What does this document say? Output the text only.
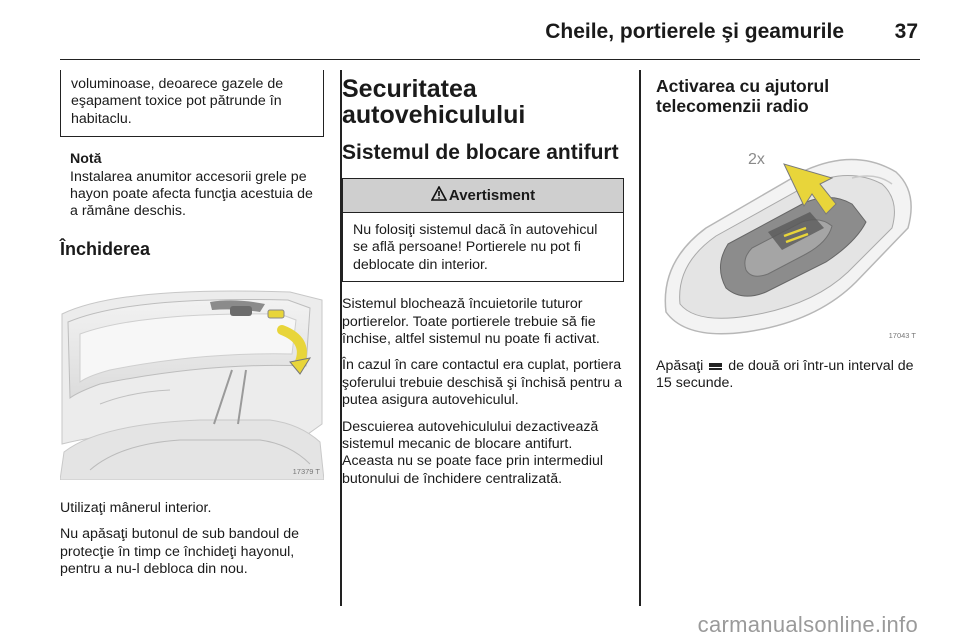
Cheile, portierele şi geamurile 37

voluminoase, deoarece gazele de eşapament toxice pot pătrunde în habitaclu.

Notă

Instalarea anumitor accesorii grele pe hayon poate afecta funcţia acestuia de a rămâne deschis.

Închiderea
17379 T

Utilizaţi mânerul interior.

Nu apăsaţi butonul de sub bandoul de protecţie în timp ce închideţi hayonul, pentru a nu-l debloca din nou.

Securitatea autovehiculului
Sistemul de blocare antifurt
Avertisment

Nu folosiţi sistemul dacă în autovehicul se află persoane! Portierele nu pot fi deblocate din interior.

Sistemul blochează încuietorile tuturor portierelor. Toate portierele trebuie să fie închise, altfel sistemul nu poate fi activat.

În cazul în care contactul era cuplat, portiera şoferului trebuie deschisă şi închisă pentru a putea asigura autovehiculul.

Descuierea autovehiculului dezactivează sistemul mecanic de blocare antifurt. Aceasta nu se poate face prin intermediul butonului de închidere centralizată.

Activarea cu ajutorul telecomenzii radio
2x
17043 T

Apăsaţi de două ori într-un interval de 15 secunde.

carmanualsonline.info
